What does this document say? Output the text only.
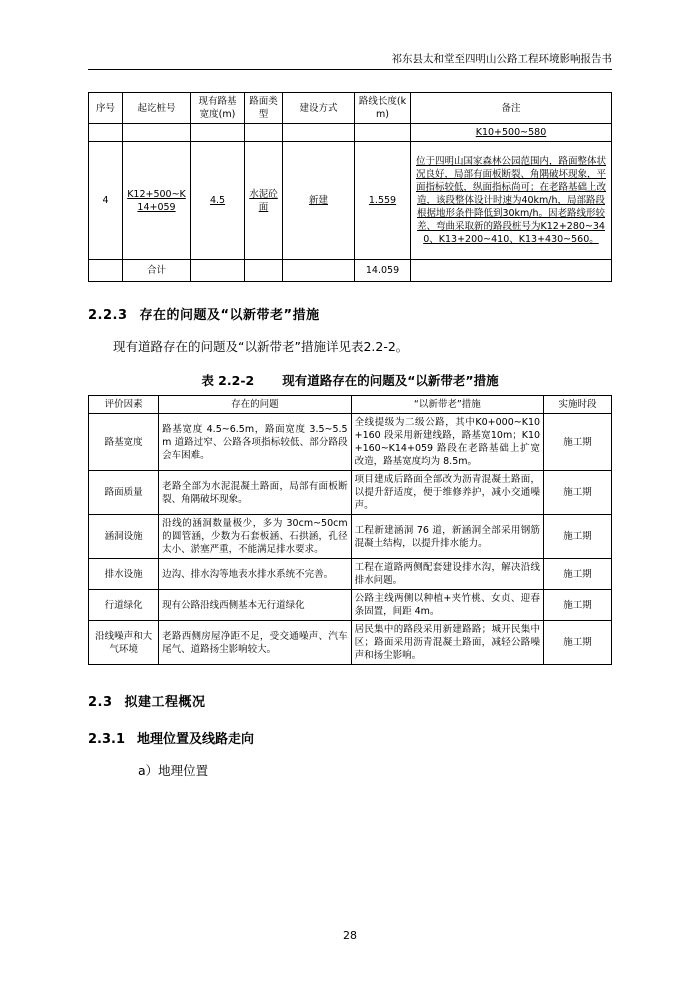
祁东县太和堂至四明山公路工程环境影响报告书
序号	起讫桩号	现有路基宽度(m)	路面类型	建设方式	路线长度(km)	备注
						K10+500~580
4	K12+500~K14+059	4.5	水泥砼面	新建	1.559	位于四明山国家森林公园范围内，路面整体状况良好，局部有面板断裂、角隅破坏现象，平面指标较低，纵面指标尚可；在老路基础上改造，该段整体设计时速为40km/h，局部路段根据地形条件降低到30km/h。因老路线形较差、弯曲采取新的路段桩号为K12+280~340、K13+200~410、K13+430~560。
	合计				14.059	
2.2.3 存在的问题及“以新带老”措施

现有道路存在的问题及“以新带老”措施详见表2.2-2。

表 2.2-2 现有道路存在的问题及“以新带老”措施
评价因素	存在的问题	“以新带老”措施	实施时段
路基宽度	路基宽度 4.5~6.5m，路面宽度 3.5~5.5m 道路过窄、公路各项指标较低、部分路段会车困难。	全线提级为二级公路，其中K0+000~K10+160 段采用新建线路，路基宽10m；K10+160~K14+059 路段在老路基础上扩宽改造，路基宽度均为 8.5m。	施工期
路面质量	老路全部为水泥混凝土路面，局部有面板断裂、角隅破坏现象。	项目建成后路面全部改为沥青混凝土路面，以提升舒适度，便于维修养护，减小交通噪声。	施工期
涵洞设施	沿线的涵洞数量极少，多为 30cm~50cm 的圆管涵，少数为石套板涵、石拱涵，孔径太小、淤塞严重，不能满足排水要求。	工程新建涵洞 76 道，新涵洞全部采用钢筋混凝土结构，以提升排水能力。	施工期
排水设施	边沟、排水沟等地表水排水系统不完善。	工程在道路两侧配套建设排水沟，解决沿线排水问题。	施工期
行道绿化	现有公路沿线西侧基本无行道绿化	公路主线两侧以种植+夹竹桃、女贞、迎春条固置，间距 4m。	施工期
沿线噪声和大气环境	老路西侧房屋净距不足，受交通噪声、汽车尾气、道路扬尘影响较大。	居民集中的路段采用新建路路；城开民集中区；路面采用沥青混凝土路面，减轻公路噪声和扬尘影响。	施工期
2.3 拟建工程概况
2.3.1 地理位置及线路走向

a）地理位置

28
